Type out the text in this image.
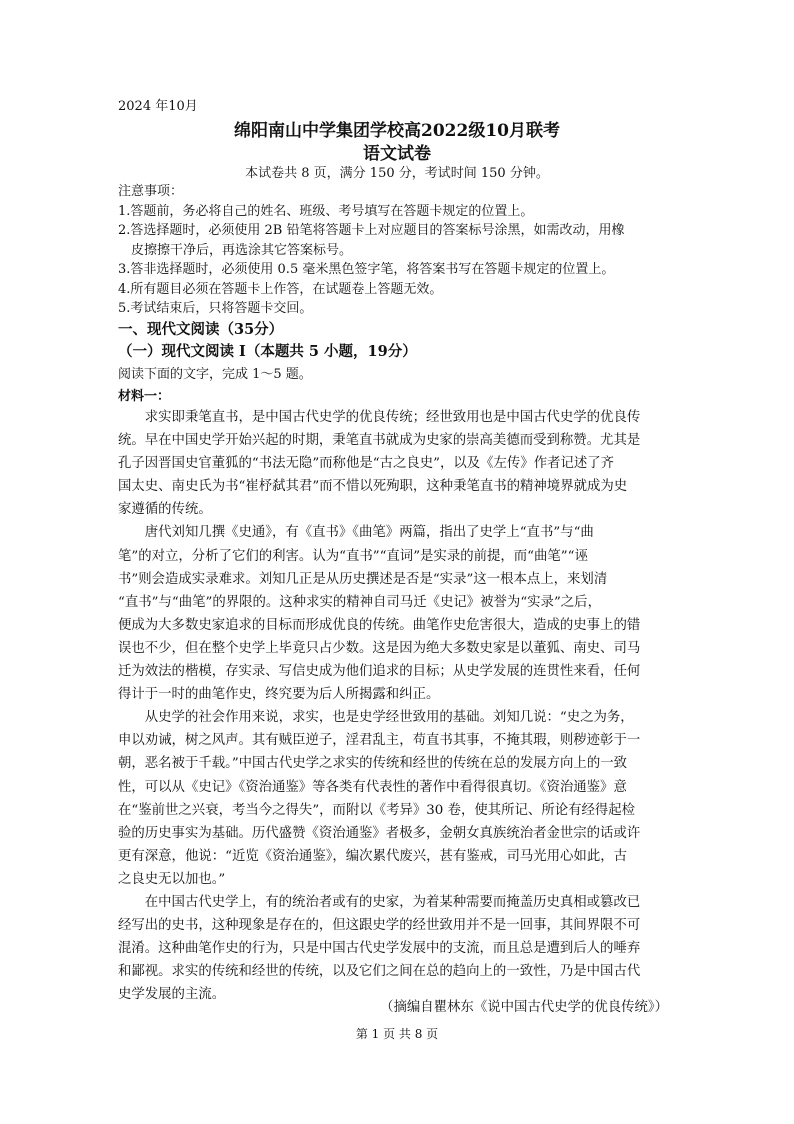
2024 年10月
绵阳南山中学集团学校高2022级10月联考
语文试卷
本试卷共 8 页，满分 150 分，考试时间 150 分钟。
注意事项：
1.答题前，务必将自己的姓名、班级、考号填写在答题卡规定的位置上。
2.答选择题时，必须使用 2B 铅笔将答题卡上对应题目的答案标号涂黑，如需改动，用橡
皮擦擦干净后，再选涂其它答案标号。
3.答非选择题时，必须使用 0.5 毫米黑色签字笔，将答案书写在答题卡规定的位置上。
4.所有题目必须在答题卡上作答，在试题卷上答题无效。
5.考试结束后，只将答题卡交回。
一、现代文阅读（35分）
（一）现代文阅读 I（本题共 5 小题，19分）
阅读下面的文字，完成 1～5 题。
材料一：
　　求实即秉笔直书，是中国古代史学的优良传统；经世致用也是中国古代史学的优良传
统。早在中国史学开始兴起的时期，秉笔直书就成为史家的崇高美德而受到称赞。尤其是
孔子因晋国史官董狐的“书法无隐”而称他是“古之良史”，以及《左传》作者记述了齐
国太史、南史氏为书“崔杼弑其君”而不惜以死殉职，这种秉笔直书的精神境界就成为史
家遵循的传统。
　　唐代刘知几撰《史通》，有《直书》《曲笔》两篇，指出了史学上“直书”与“曲
笔”的对立，分析了它们的利害。认为“直书”“直词”是实录的前提，而“曲笔”“诬
书”则会造成实录难求。刘知几正是从历史撰述是否是“实录”这一根本点上，来划清
“直书”与“曲笔”的界限的。这种求实的精神自司马迁《史记》被誉为“实录”之后，
便成为大多数史家追求的目标而形成优良的传统。曲笔作史危害很大，造成的史事上的错
误也不少，但在整个史学上毕竟只占少数。这是因为绝大多数史家是以董狐、南史、司马
迁为效法的楷模，存实录、写信史成为他们追求的目标；从史学发展的连贯性来看，任何
得计于一时的曲笔作史，终究要为后人所揭露和纠正。
　　从史学的社会作用来说，求实，也是史学经世致用的基础。刘知几说：“史之为务，
申以劝诫，树之风声。其有贼臣逆子，淫君乱主，苟直书其事，不掩其瑕，则秽迹彰于一
朝，恶名被于千载。”中国古代史学之求实的传统和经世的传统在总的发展方向上的一致
性，可以从《史记》《资治通鉴》等各类有代表性的著作中看得很真切。《资治通鉴》意
在“鉴前世之兴衰，考当今之得失”，而附以《考异》30 卷，使其所记、所论有经得起检
验的历史事实为基础。历代盛赞《资治通鉴》者极多，金朝女真族统治者金世宗的话或许
更有深意，他说：“近览《资治通鉴》，编次累代废兴，甚有鉴戒，司马光用心如此，古
之良史无以加也。”
　　在中国古代史学上，有的统治者或有的史家，为着某种需要而掩盖历史真相或篡改已
经写出的史书，这种现象是存在的，但这跟史学的经世致用并不是一回事，其间界限不可
混淆。这种曲笔作史的行为，只是中国古代史学发展中的支流，而且总是遭到后人的唾弃
和鄙视。求实的传统和经世的传统，以及它们之间在总的趋向上的一致性，乃是中国古代
史学发展的主流。
（摘编自瞿林东《说中国古代史学的优良传统》）
第 1 页 共 8 页
